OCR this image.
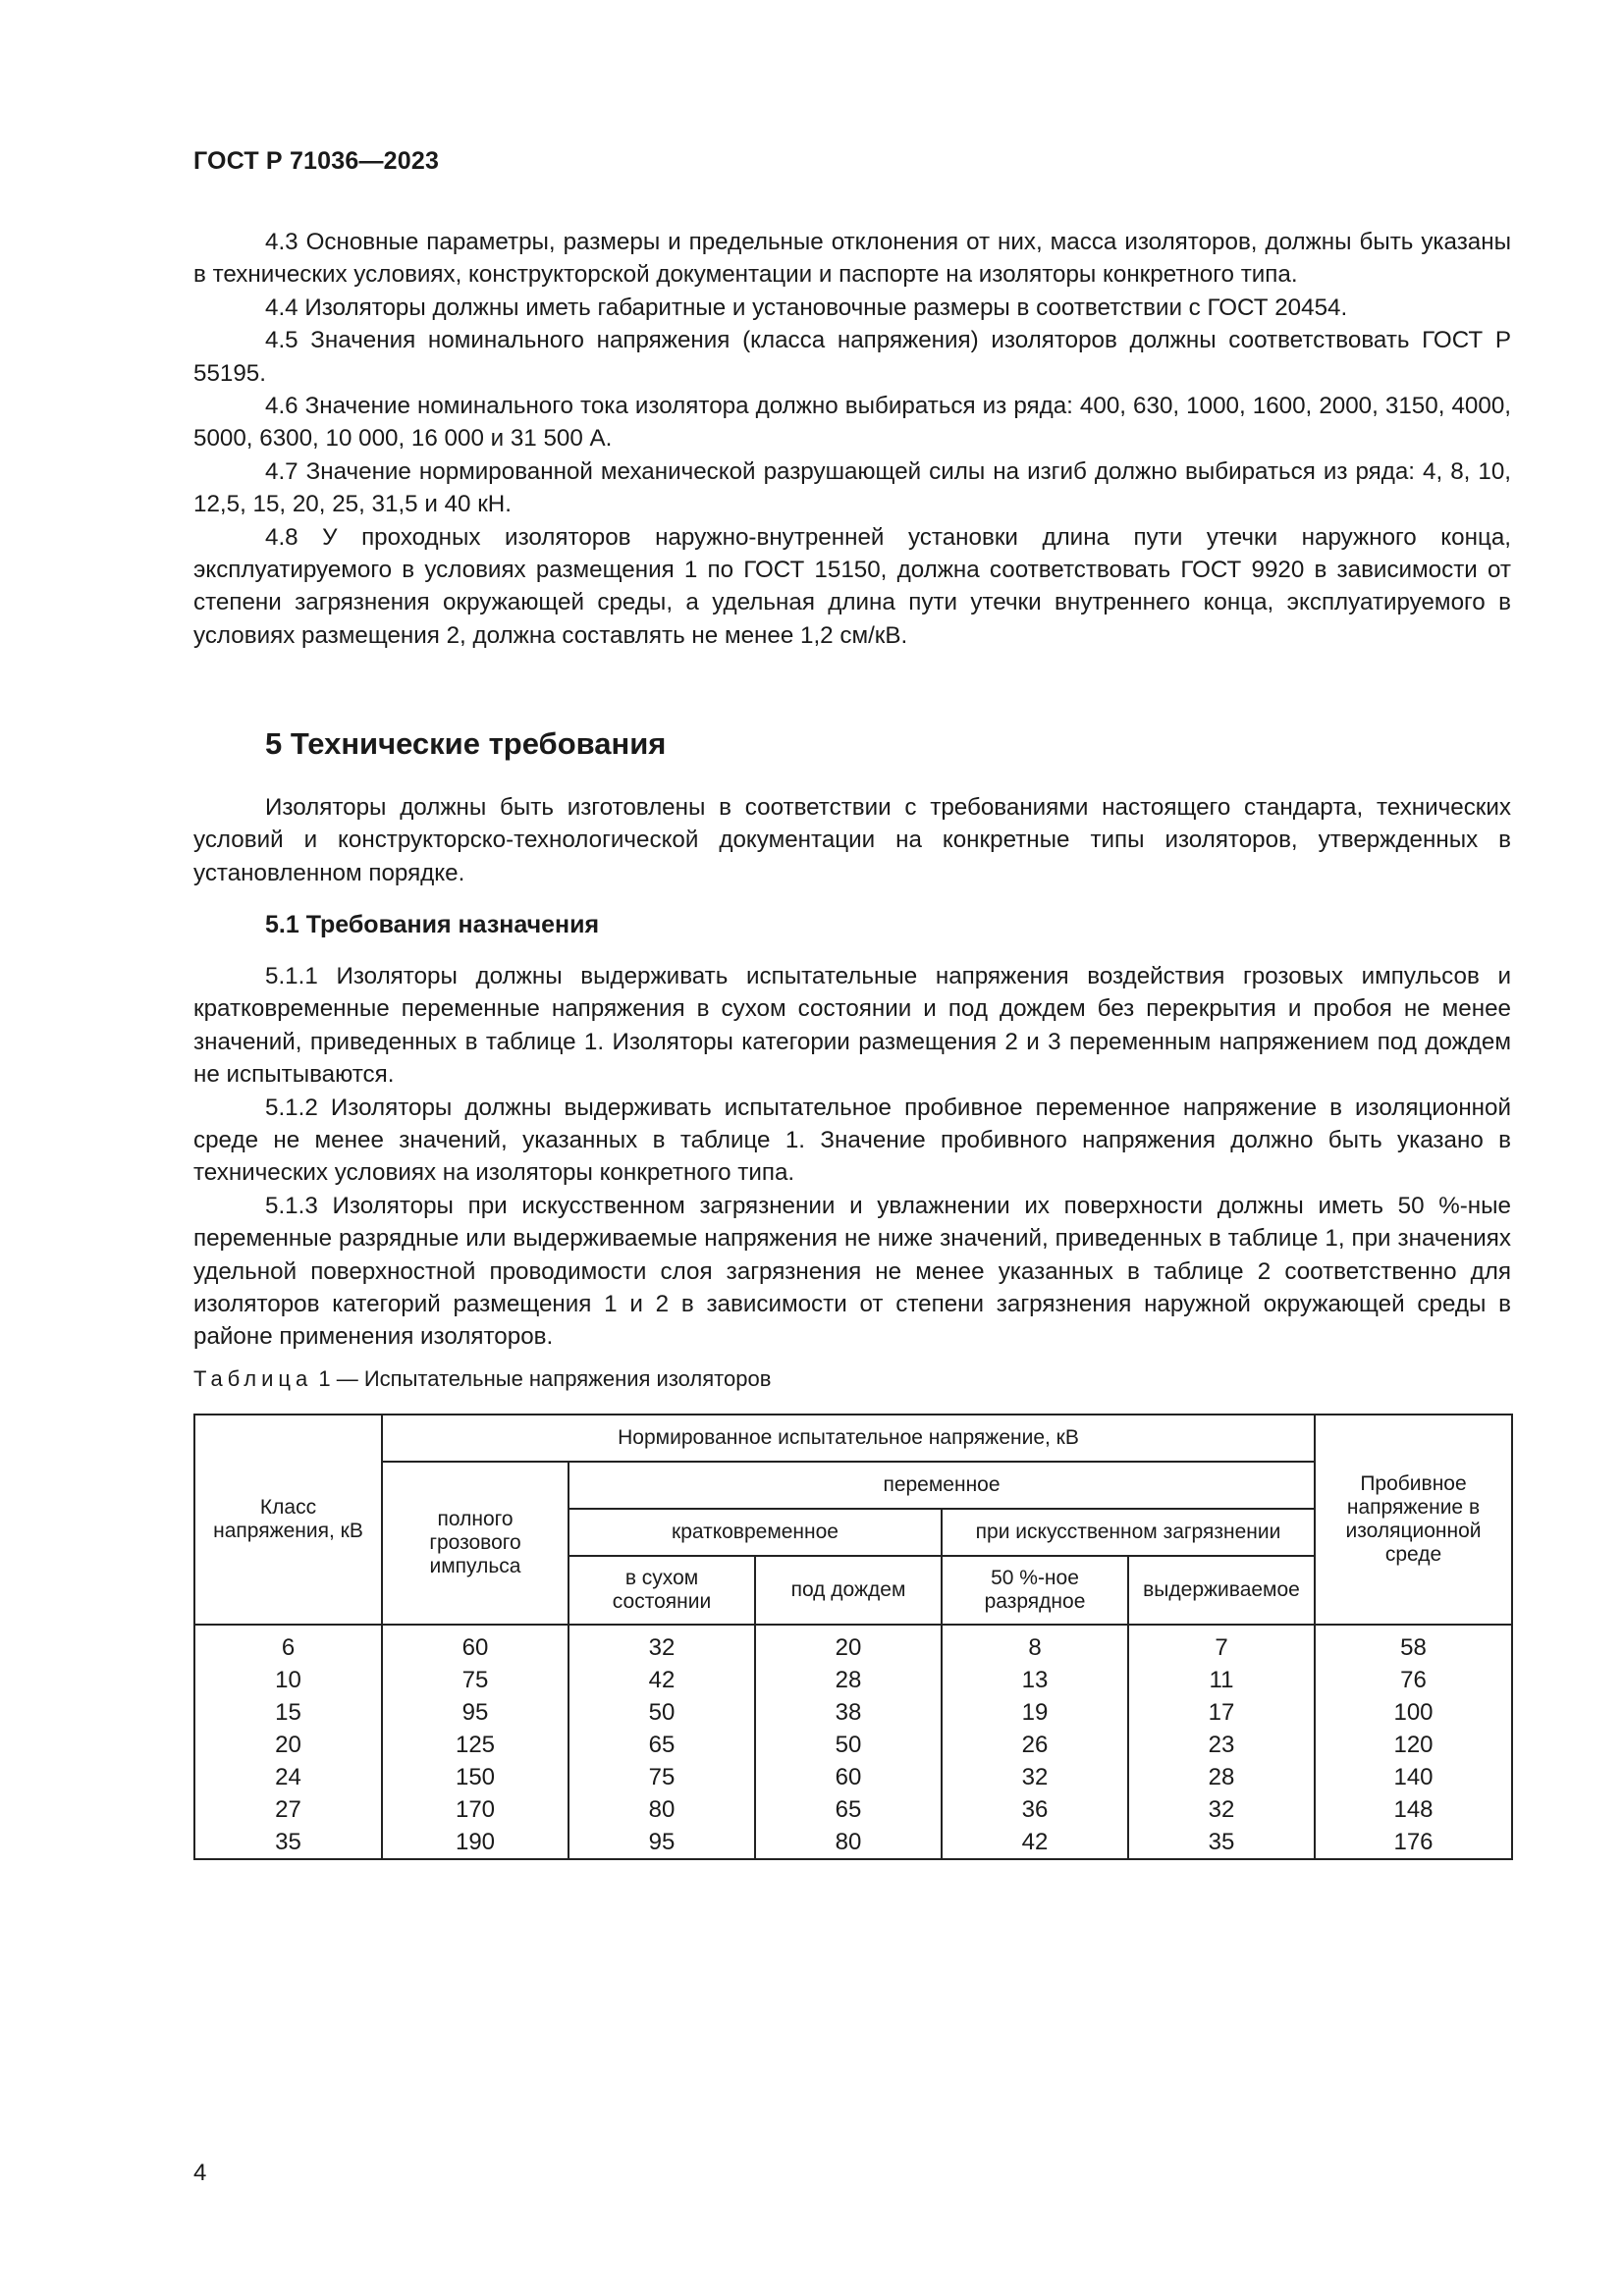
ГОСТ Р 71036—2023

4.3 Основные параметры, размеры и предельные отклонения от них, масса изоляторов, должны быть указаны в технических условиях, конструкторской документации и паспорте на изоляторы конкретного типа.

4.4 Изоляторы должны иметь габаритные и установочные размеры в соответствии с ГОСТ 20454.

4.5 Значения номинального напряжения (класса напряжения) изоляторов должны соответствовать ГОСТ Р 55195.

4.6 Значение номинального тока изолятора должно выбираться из ряда: 400, 630, 1000, 1600, 2000, 3150, 4000, 5000, 6300, 10 000, 16 000 и 31 500 А.

4.7 Значение нормированной механической разрушающей силы на изгиб должно выбираться из ряда: 4, 8, 10, 12,5, 15, 20, 25, 31,5 и 40 кН.

4.8 У проходных изоляторов наружно-внутренней установки длина пути утечки наружного конца, эксплуатируемого в условиях размещения 1 по ГОСТ 15150, должна соответствовать ГОСТ 9920 в зависимости от степени загрязнения окружающей среды, а удельная длина пути утечки внутреннего конца, эксплуатируемого в условиях размещения 2, должна составлять не менее 1,2 см/кВ.

5 Технические требования

Изоляторы должны быть изготовлены в соответствии с требованиями настоящего стандарта, технических условий и конструкторско-технологической документации на конкретные типы изоляторов, утвержденных в установленном порядке.

5.1 Требования назначения

5.1.1 Изоляторы должны выдерживать испытательные напряжения воздействия грозовых импульсов и кратковременные переменные напряжения в сухом состоянии и под дождем без перекрытия и пробоя не менее значений, приведенных в таблице 1. Изоляторы категории размещения 2 и 3 переменным напряжением под дождем не испытываются.

5.1.2 Изоляторы должны выдерживать испытательное пробивное переменное напряжение в изоляционной среде не менее значений, указанных в таблице 1. Значение пробивного напряжения должно быть указано в технических условиях на изоляторы конкретного типа.

5.1.3 Изоляторы при искусственном загрязнении и увлажнении их поверхности должны иметь 50 %-ные переменные разрядные или выдерживаемые напряжения не ниже значений, приведенных в таблице 1, при значениях удельной поверхностной проводимости слоя загрязнения не менее указанных в таблице 2 соответственно для изоляторов категорий размещения 1 и 2 в зависимости от степени загрязнения наружной окружающей среды в районе применения изоляторов.

Таблица 1 — Испытательные напряжения изоляторов
Класс напряжения, кВ	Нормированное испытательное напряжение, кВ					Пробивное напряжение в изоляционной среде
	полного грозового импульса	переменное				
		кратковременное		при искусственном загрязнении		
		в сухом состоянии	под дождем	50 %-ное разрядное	выдерживаемое	
6	60	32	20	8	7	58
10	75	42	28	13	11	76
15	95	50	38	19	17	100
20	125	65	50	26	23	120
24	150	75	60	32	28	140
27	170	80	65	36	32	148
35	190	95	80	42	35	176
4
